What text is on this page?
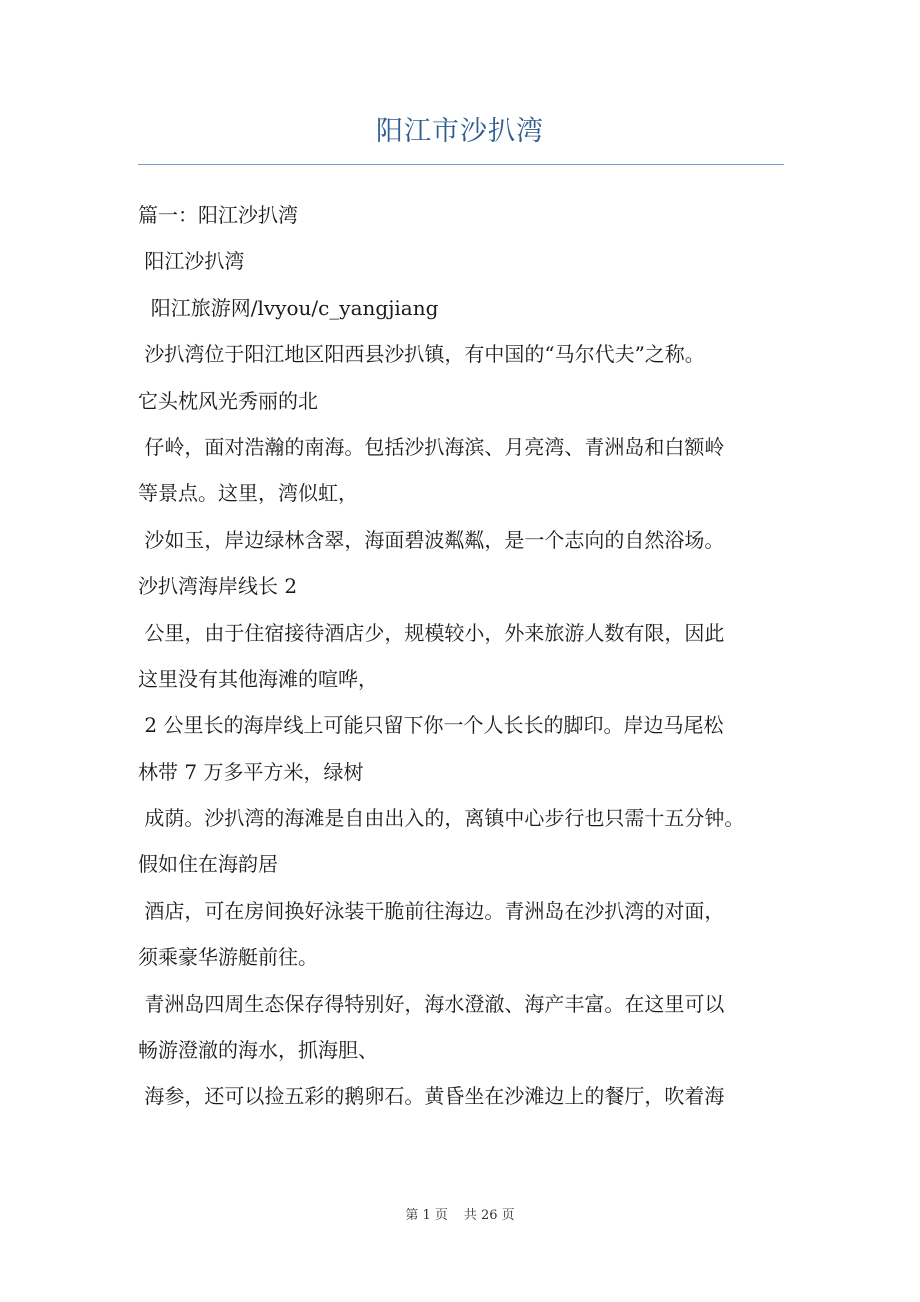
阳江市沙扒湾
篇一：阳江沙扒湾
阳江沙扒湾
阳江旅游网/lvyou/c_yangjiang
沙扒湾位于阳江地区阳西县沙扒镇，有中国的“马尔代夫”之称。
它头枕风光秀丽的北
仔岭，面对浩瀚的南海。包括沙扒海滨、月亮湾、青洲岛和白额岭
等景点。这里，湾似虹，
沙如玉，岸边绿林含翠，海面碧波粼粼，是一个志向的自然浴场。
沙扒湾海岸线长 2
公里，由于住宿接待酒店少，规模较小，外来旅游人数有限，因此
这里没有其他海滩的喧哗，
2 公里长的海岸线上可能只留下你一个人长长的脚印。岸边马尾松
林带 7 万多平方米，绿树
成荫。沙扒湾的海滩是自由出入的，离镇中心步行也只需十五分钟。
假如住在海韵居
酒店，可在房间换好泳装干脆前往海边。青洲岛在沙扒湾的对面，
须乘豪华游艇前往。
青洲岛四周生态保存得特别好，海水澄澈、海产丰富。在这里可以
畅游澄澈的海水，抓海胆、
海参，还可以捡五彩的鹅卵石。黄昏坐在沙滩边上的餐厅，吹着海
第 1 页 共 26 页
